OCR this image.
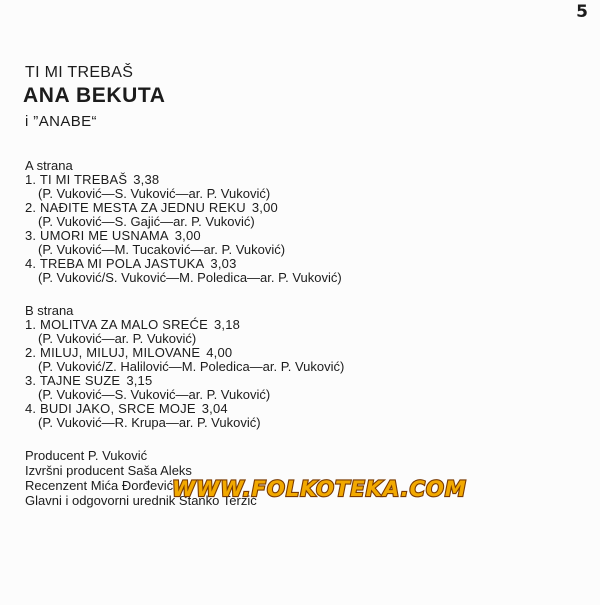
5
TI MI TREBAŠ
ANA BEKUTA
i ”ANABE“
A strana
1. TI MI TREBAŠ 3,38
(P. Vuković—S. Vuković—ar. P. Vuković)
2. NAĐITE MESTA ZA JEDNU REKU 3,00
(P. Vuković—S. Gajić—ar. P. Vuković)
3. UMORI ME USNAMA 3,00
(P. Vuković—M. Tucaković—ar. P. Vuković)
4. TREBA MI POLA JASTUKA 3,03
(P. Vuković/S. Vuković—M. Poledica—ar. P. Vuković)
B strana
1. MOLITVA ZA MALO SREĆE 3,18
(P. Vuković—ar. P. Vuković)
2. MILUJ, MILUJ, MILOVANE 4,00
(P. Vuković/Z. Halilović—M. Poledica—ar. P. Vuković)
3. TAJNE SUZE 3,15
(P. Vuković—S. Vuković—ar. P. Vuković)
4. BUDI JAKO, SRCE MOJE 3,04
(P. Vuković—R. Krupa—ar. P. Vuković)
Producent P. Vuković
Izvršni producent Saša Aleks
Recenzent Mića Đorđević
Glavni i odgovorni urednik Stanko Terzić
WWW.FOLKOTEKA.COM
